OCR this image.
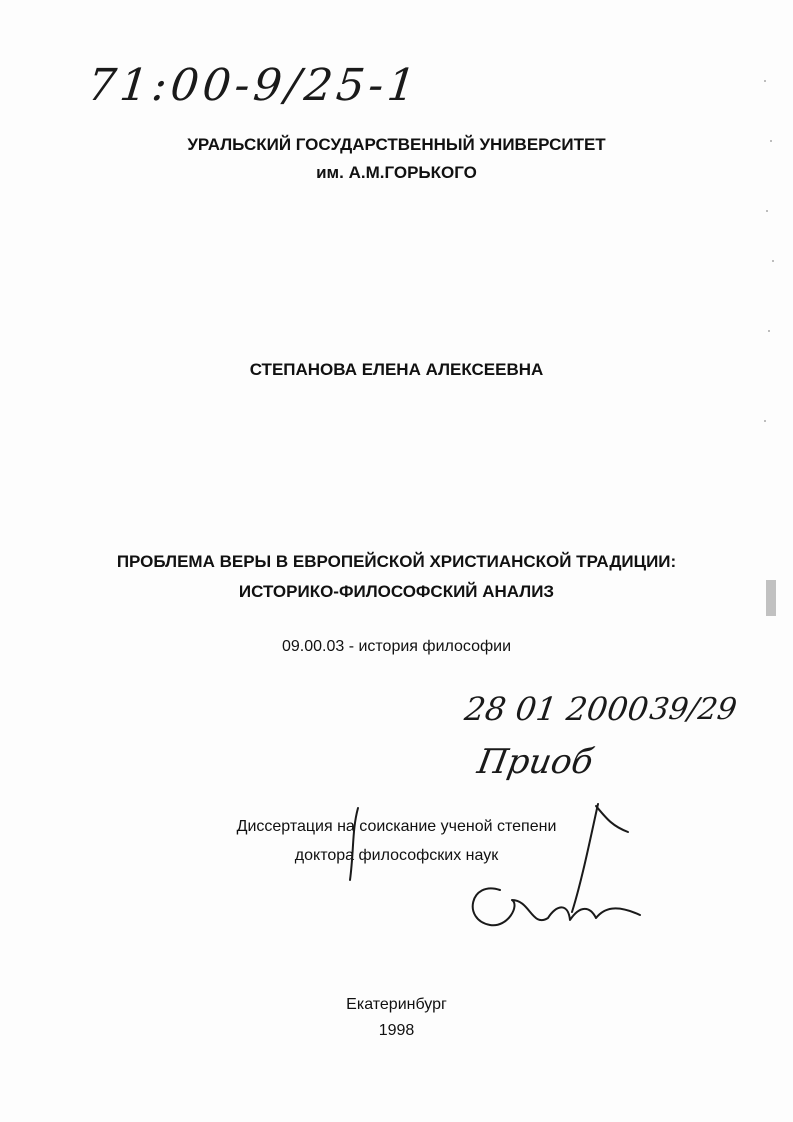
71:00-9/25-1
УРАЛЬСКИЙ ГОСУДАРСТВЕННЫЙ УНИВЕРСИТЕТ
им. А.М.ГОРЬКОГО
СТЕПАНОВА ЕЛЕНА АЛЕКСЕЕВНА
ПРОБЛЕМА ВЕРЫ В ЕВРОПЕЙСКОЙ ХРИСТИАНСКОЙ ТРАДИЦИИ:
ИСТОРИКО-ФИЛОСОФСКИЙ АНАЛИЗ
09.00.03 - история философии
28 01 2000
39/29
Приоб
Диссертация на соискание ученой степени
доктора философских наук
Екатеринбург
1998
